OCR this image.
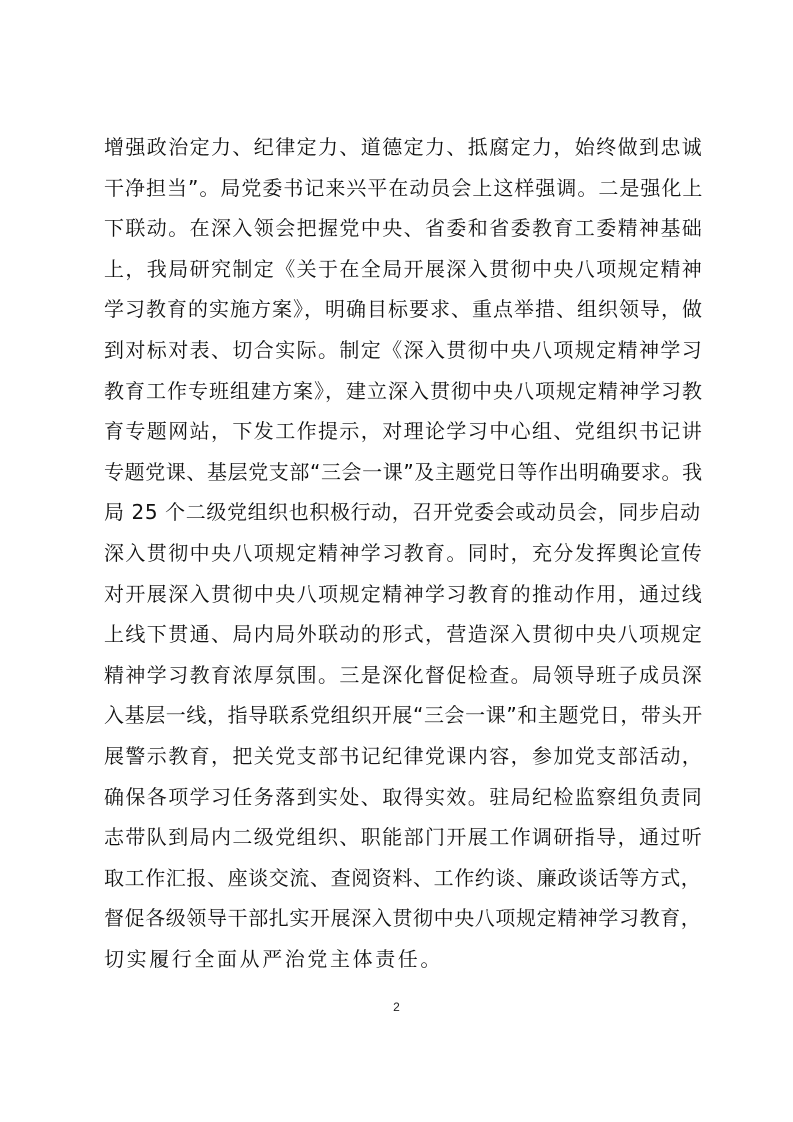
增强政治定力、纪律定力、道德定力、抵腐定力，始终做到忠诚
干净担当”。局党委书记来兴平在动员会上这样强调。二是强化上
下联动。在深入领会把握党中央、省委和省委教育工委精神基础
上，我局研究制定《关于在全局开展深入贯彻中央八项规定精神
学习教育的实施方案》，明确目标要求、重点举措、组织领导，做
到对标对表、切合实际。制定《深入贯彻中央八项规定精神学习
教育工作专班组建方案》，建立深入贯彻中央八项规定精神学习教
育专题网站，下发工作提示，对理论学习中心组、党组织书记讲
专题党课、基层党支部“三会一课”及主题党日等作出明确要求。我
局 25 个二级党组织也积极行动，召开党委会或动员会，同步启动
深入贯彻中央八项规定精神学习教育。同时，充分发挥舆论宣传
对开展深入贯彻中央八项规定精神学习教育的推动作用，通过线
上线下贯通、局内局外联动的形式，营造深入贯彻中央八项规定
精神学习教育浓厚氛围。三是深化督促检查。局领导班子成员深
入基层一线，指导联系党组织开展“三会一课”和主题党日，带头开
展警示教育，把关党支部书记纪律党课内容，参加党支部活动，
确保各项学习任务落到实处、取得实效。驻局纪检监察组负责同
志带队到局内二级党组织、职能部门开展工作调研指导，通过听
取工作汇报、座谈交流、查阅资料、工作约谈、廉政谈话等方式，
督促各级领导干部扎实开展深入贯彻中央八项规定精神学习教育，
切实履行全面从严治党主体责任。
2
